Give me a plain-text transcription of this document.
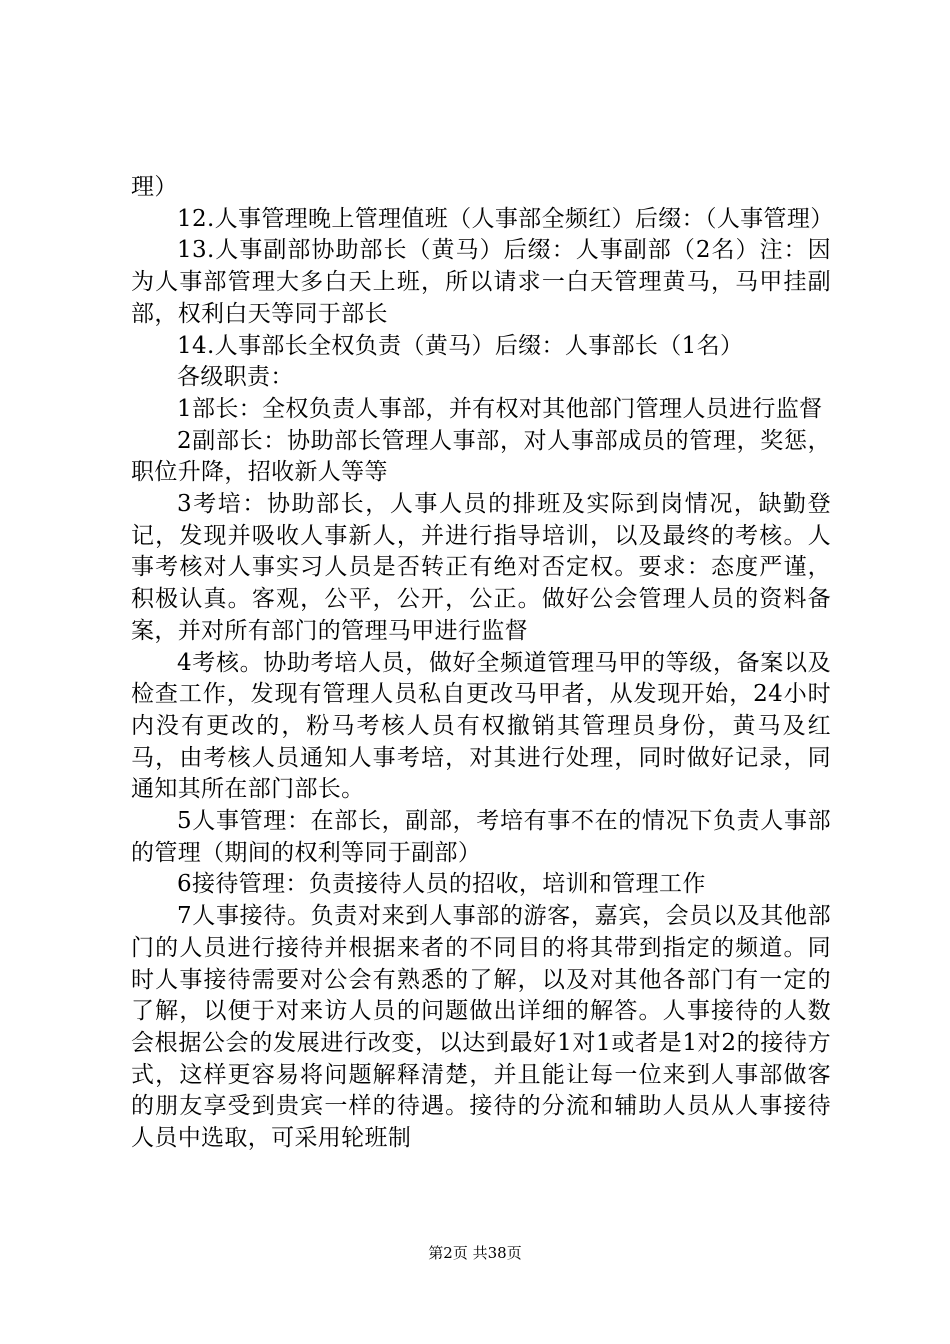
理）

12.人事管理晚上管理值班（人事部全频红）后缀：（人事管理）

13.人事副部协助部长（黄马）后缀：人事副部（2名）注：因为人事部管理大多白天上班，所以请求一白天管理黄马，马甲挂副部，权利白天等同于部长

14.人事部长全权负责（黄马）后缀：人事部长（1名）

各级职责：

1部长：全权负责人事部，并有权对其他部门管理人员进行监督

2副部长：协助部长管理人事部，对人事部成员的管理，奖惩，职位升降，招收新人等等

3考培：协助部长，人事人员的排班及实际到岗情况，缺勤登记，发现并吸收人事新人，并进行指导培训，以及最终的考核。人事考核对人事实习人员是否转正有绝对否定权。要求：态度严谨，积极认真。客观，公平，公开，公正。做好公会管理人员的资料备案，并对所有部门的管理马甲进行监督

4考核。协助考培人员，做好全频道管理马甲的等级，备案以及检查工作，发现有管理人员私自更改马甲者，从发现开始，24小时内没有更改的，粉马考核人员有权撤销其管理员身份，黄马及红马，由考核人员通知人事考培，对其进行处理，同时做好记录，同通知其所在部门部长。

5人事管理：在部长，副部，考培有事不在的情况下负责人事部的管理（期间的权利等同于副部）

6接待管理：负责接待人员的招收，培训和管理工作

7人事接待。负责对来到人事部的游客，嘉宾，会员以及其他部门的人员进行接待并根据来者的不同目的将其带到指定的频道。同时人事接待需要对公会有熟悉的了解，以及对其他各部门有一定的了解，以便于对来访人员的问题做出详细的解答。人事接待的人数会根据公会的发展进行改变，以达到最好1对1或者是1对2的接待方式，这样更容易将问题解释清楚，并且能让每一位来到人事部做客的朋友享受到贵宾一样的待遇。接待的分流和辅助人员从人事接待人员中选取，可采用轮班制

第2页 共38页
